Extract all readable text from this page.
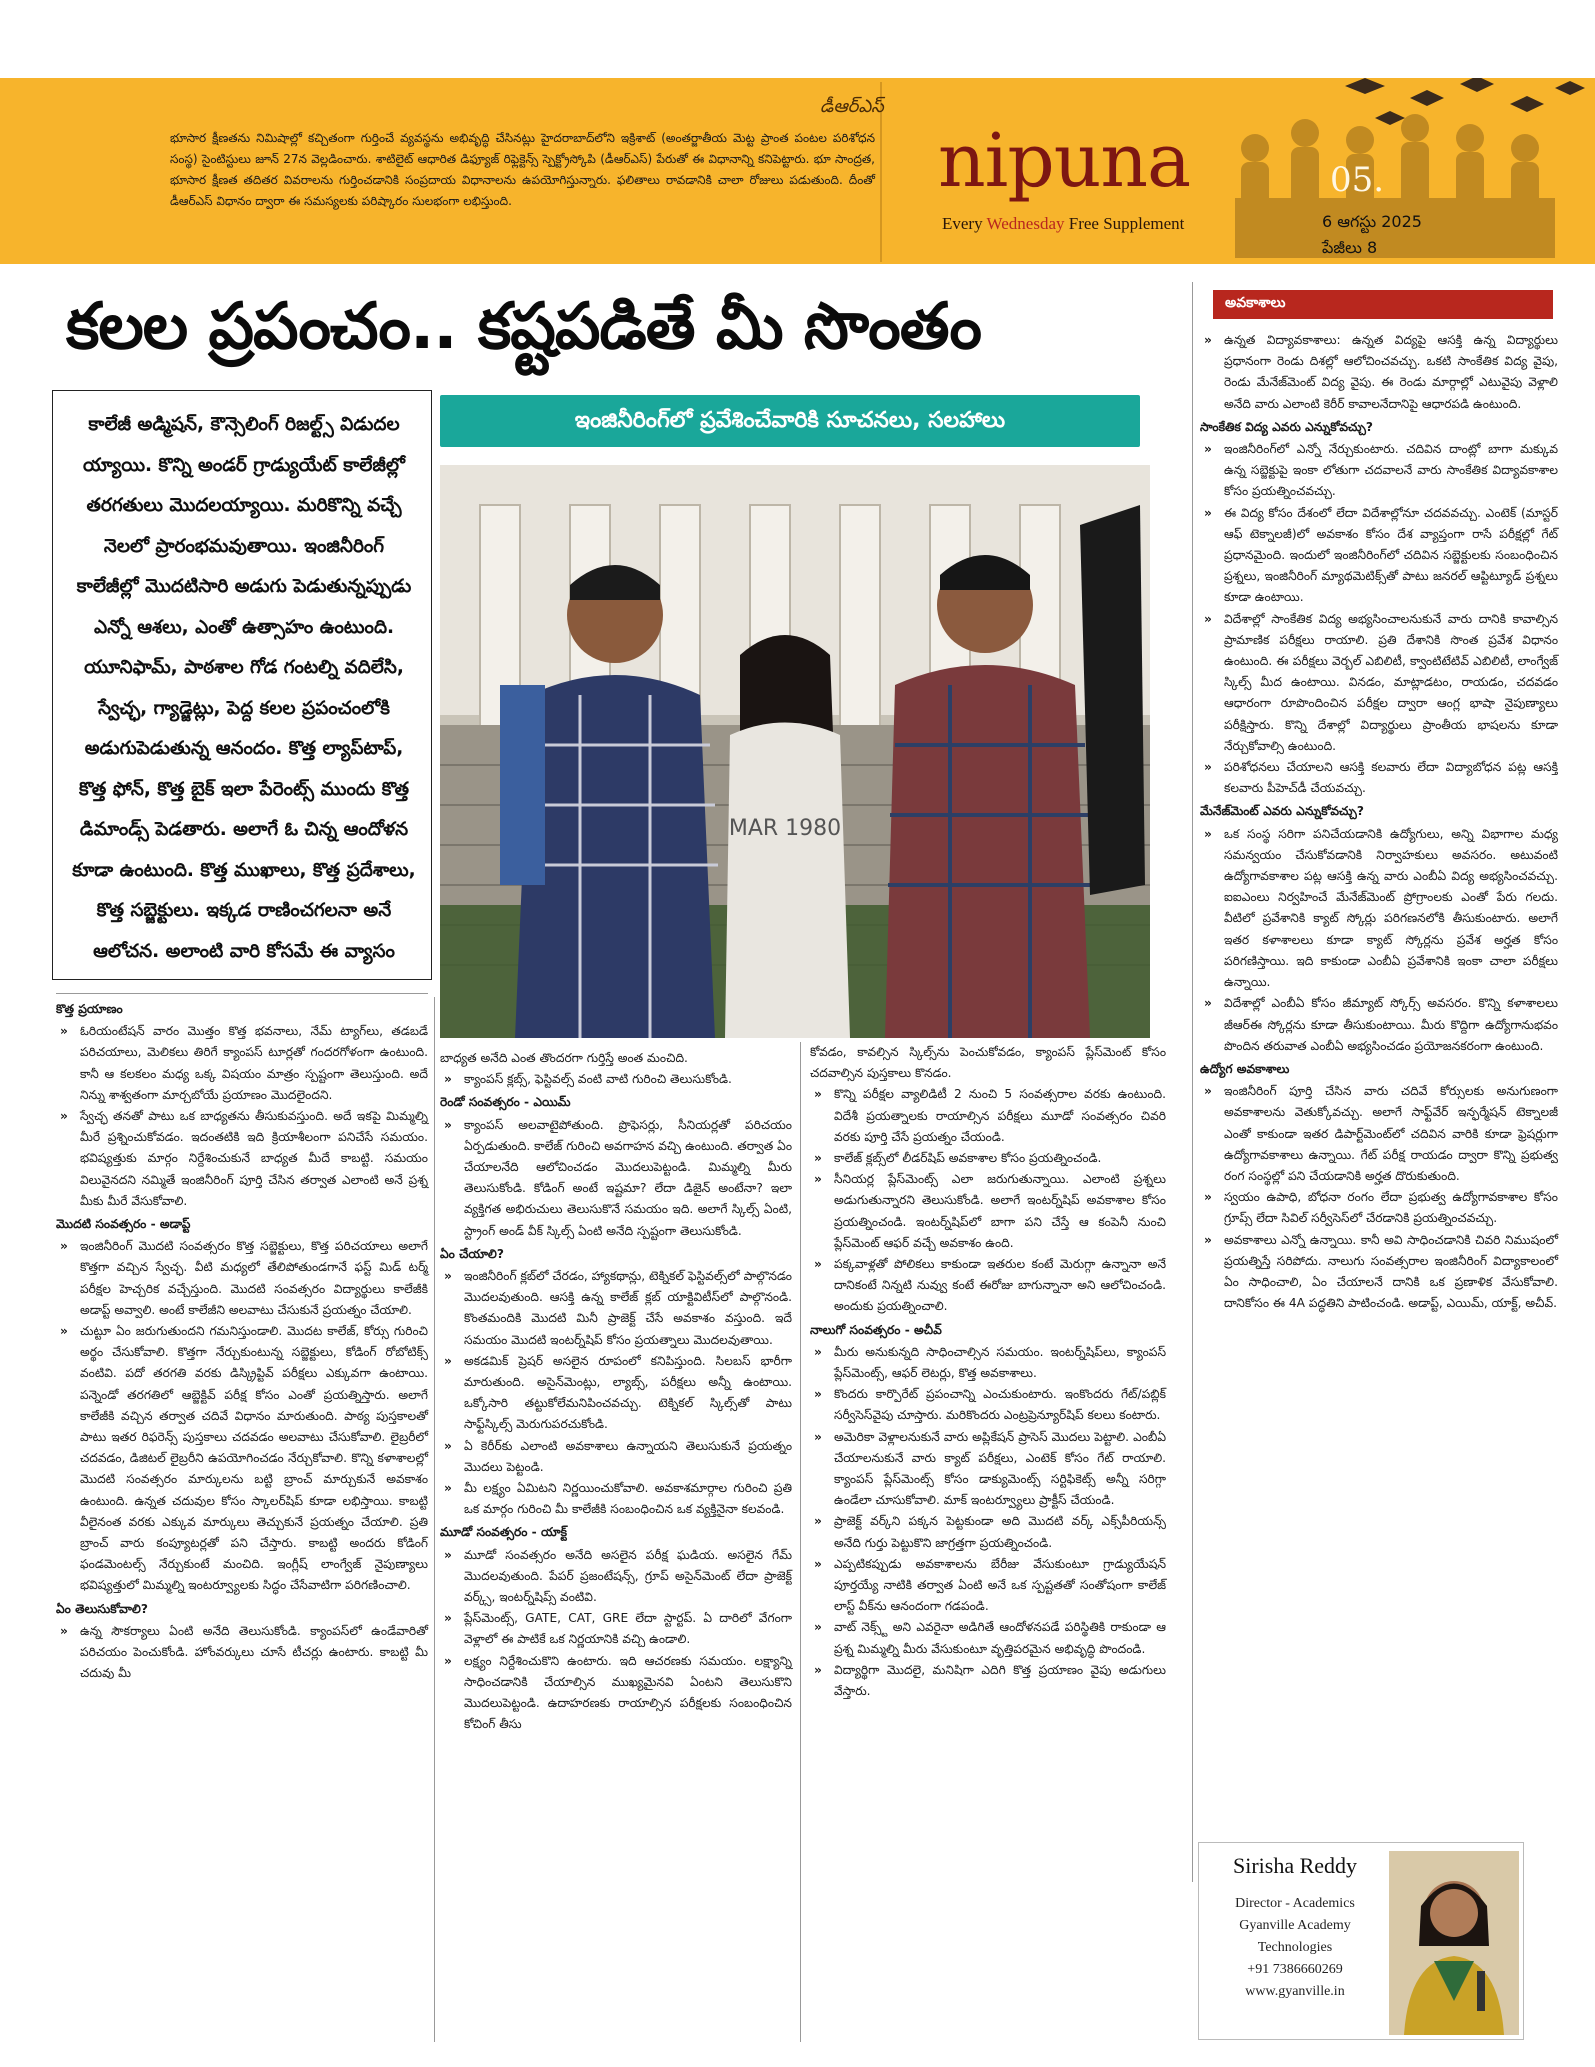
డీఆర్ఎస్
భూసార క్షీణతను నిమిషాల్లో కచ్చితంగా గుర్తించే వ్యవస్థను అభివృద్ధి చేసినట్లు హైదరాబాద్‌లోని ఇక్రిశాట్ (అంతర్జాతీయ మెట్ట ప్రాంత పంటల పరిశోధన సంస్థ) సైంటిస్టులు జూన్ 27న వెల్లడించారు. శాటిలైట్ ఆధారిత డిఫ్యూజ్ రిఫ్లెక్టెన్స్ స్పెక్ట్రోస్కోపి (డీఆర్ఎస్) పేరుతో ఈ విధానాన్ని కనిపెట్టారు. భూ సాంద్రత, భూసార క్షీణత తదితర వివరాలను గుర్తించడానికి సంప్రదాయ విధానాలను ఉపయోగిస్తున్నారు. ఫలితాలు రావడానికి చాలా రోజులు పడుతుంది. దీంతో డీఆర్ఎస్ విధానం ద్వారా ఈ సమస్యలకు పరిష్కారం సులభంగా లభిస్తుంది.	nipuna
Every Wednesday Free Supplement
05.
6 ఆగస్టు 2025
పేజీలు 8
కలల ప్రపంచం.. కష్టపడితే మీ సొంతం
కాలేజీ అడ్మిషన్, కౌన్సెలింగ్ రిజల్ట్స్ విడుదల య్యాయి. కొన్ని అండర్ గ్రాడ్యుయేట్ కాలేజీల్లో తరగతులు మొదలయ్యాయి. మరికొన్ని వచ్చే నెలలో ప్రారంభమవుతాయి. ఇంజినీరింగ్ కాలేజీల్లో మొదటిసారి అడుగు పెడుతున్నప్పుడు ఎన్నో ఆశలు, ఎంతో ఉత్సాహం ఉంటుంది. యూనిఫామ్, పాఠశాల గోడ గంటల్ని వదిలేసి, స్వేచ్ఛ, గ్యాడ్జెట్లు, పెద్ద కలల ప్రపంచంలోకి అడుగుపెడుతున్న ఆనందం. కొత్త ల్యాప్‌టాప్, కొత్త ఫోన్, కొత్త బైక్ ఇలా పేరెంట్స్ ముందు కొత్త డిమాండ్స్ పెడతారు. అలాగే ఓ చిన్న ఆందోళన కూడా ఉంటుంది. కొత్త ముఖాలు, కొత్త ప్రదేశాలు, కొత్త సబ్జెక్టులు. ఇక్కడ రాణించగలనా అనే ఆలోచన. అలాంటి వారి కోసమే ఈ వ్యాసం
ఇంజినీరింగ్‌లో ప్రవేశించేవారికి సూచనలు, సలహాలు
MAR 1980
అవకాశాలు
» ఉన్నత విద్యావకాశాలు: ఉన్నత విద్యపై ఆసక్తి ఉన్న విద్యార్థులు ప్రధానంగా రెండు దిశల్లో ఆలోచించవచ్చు. ఒకటి సాంకేతిక విద్య వైపు, రెండు మేనేజ్‌మెంట్ విద్య వైపు. ఈ రెండు మార్గాల్లో ఎటువైపు వెళ్లాలి అనేది వారు ఎలాంటి కెరీర్ కావాలనేదానిపై ఆధారపడి ఉంటుంది.
సాంకేతిక విద్య ఎవరు ఎన్నుకోవచ్చు?
» ఇంజినీరింగ్‌లో ఎన్నో నేర్చుకుంటారు. చదివిన దాంట్లో బాగా మక్కువ ఉన్న సబ్జెక్టుపై ఇంకా లోతుగా చదవాలనే వారు సాంకేతిక విద్యావకాశాల కోసం ప్రయత్నించవచ్చు.
» ఈ విద్య కోసం దేశంలో లేదా విదేశాల్లోనూ చదవవచ్చు. ఎంటెక్ (మాస్టర్ ఆఫ్ టెక్నాలజీ)లో అవకాశం కోసం దేశ వ్యాప్తంగా రాసే పరీక్షల్లో గేట్ ప్రధానమైంది. ఇందులో ఇంజినీరింగ్‌లో చదివిన సబ్జెక్టులకు సంబంధించిన ప్రశ్నలు, ఇంజినీరింగ్ మ్యాథమెటిక్స్‌తో పాటు జనరల్ ఆప్టిట్యూడ్ ప్రశ్నలు కూడా ఉంటాయి.
» విదేశాల్లో సాంకేతిక విద్య అభ్యసించాలనుకునే వారు దానికి కావాల్సిన ప్రామాణిక పరీక్షలు రాయాలి. ప్రతి దేశానికి సొంత ప్రవేశ విధానం ఉంటుంది. ఈ పరీక్షలు వెర్బల్ ఎబిలిటీ, క్వాంటిటేటివ్ ఎబిలిటీ, లాంగ్వేజ్ స్కిల్స్ మీద ఉంటాయి. వినడం, మాట్లాడటం, రాయడం, చదవడం ఆధారంగా రూపొందించిన పరీక్షల ద్వారా ఆంగ్ల భాషా నైపుణ్యాలు పరీక్షిస్తారు. కొన్ని దేశాల్లో విద్యార్థులు ప్రాంతీయ భాషలను కూడా నేర్చుకోవాల్సి ఉంటుంది.
» పరిశోధనలు చేయాలని ఆసక్తి కలవారు లేదా విద్యాబోధన పట్ల ఆసక్తి కలవారు పీహెచ్‌డీ చేయవచ్చు.
మేనేజ్‌మెంట్ ఎవరు ఎన్నుకోవచ్చు?
» ఒక సంస్థ సరిగా పనిచేయడానికి ఉద్యోగులు, అన్ని విభాగాల మధ్య సమన్వయం చేసుకోవడానికి నిర్వాహకులు అవసరం. అటువంటి ఉద్యోగావకాశాల పట్ల ఆసక్తి ఉన్న వారు ఎంబీఏ విద్య అభ్యసించవచ్చు. ఐఐఎంలు నిర్వహించే మేనేజ్‌మెంట్ ప్రోగ్రాంలకు ఎంతో పేరు గలదు. వీటిలో ప్రవేశానికి క్యాట్ స్కోర్లు పరిగణనలోకి తీసుకుంటారు. అలాగే ఇతర కళాశాలలు కూడా క్యాట్ స్కోర్లను ప్రవేశ అర్హత కోసం పరిగణిస్తాయి. ఇది కాకుండా ఎంబీఏ ప్రవేశానికి ఇంకా చాలా పరీక్షలు ఉన్నాయి.
» విదేశాల్లో ఎంబీఏ కోసం జీమ్యాట్ స్కోర్స్ అవసరం. కొన్ని కళాశాలలు జీఆర్ఈ స్కోర్లను కూడా తీసుకుంటాయి. మీరు కొద్దిగా ఉద్యోగానుభవం పొందిన తరువాత ఎంబీఏ అభ్యసించడం ప్రయోజనకరంగా ఉంటుంది.
ఉద్యోగ అవకాశాలు
» ఇంజినీరింగ్ పూర్తి చేసిన వారు చదివే కోర్సులకు అనుగుణంగా అవకాశాలను వెతుక్కోవచ్చు. అలాగే సాఫ్ట్‌వేర్ ఇన్ఫర్మేషన్ టెక్నాలజీ ఎంతో కాకుండా ఇతర డిపార్ట్‌మెంట్‌లో చదివిన వారికి కూడా ఫ్రెషర్లుగా ఉద్యోగావకాశాలు ఉన్నాయి. గేట్ పరీక్ష రాయడం ద్వారా కొన్ని ప్రభుత్వ రంగ సంస్థల్లో పని చేయడానికి అర్హత దొరుకుతుంది.
» స్వయం ఉపాధి, బోధనా రంగం లేదా ప్రభుత్వ ఉద్యోగావకాశాల కోసం గ్రూప్స్ లేదా సివిల్ సర్వీసెస్‌లో చేరడానికి ప్రయత్నించవచ్చు.
» అవకాశాలు ఎన్నో ఉన్నాయి. కానీ అవి సాధించడానికి చివరి నిముషంలో ప్రయత్నిస్తే సరిపోదు. నాలుగు సంవత్సరాల ఇంజినీరింగ్ విద్యాకాలంలో ఏం సాధించాలి, ఏం చేయాలనే దానికి ఒక ప్రణాళిక వేసుకోవాలి. దానికోసం ఈ 4A పద్ధతిని పాటించండి. అడాప్ట్, ఎయిమ్, యాక్ట్, అచీవ్.
కొత్త ప్రయాణం
» ఓరియంటేషన్ వారం మొత్తం కొత్త భవనాలు, నేమ్ ట్యాగ్‌లు, తడబడే పరిచయాలు, మెలికలు తిరిగే క్యాంపస్ టూర్లతో గందరగోళంగా ఉంటుంది. కానీ ఆ కలకలం మధ్య ఒక్క విషయం మాత్రం స్పష్టంగా తెలుస్తుంది. అదే నిన్ను శాశ్వతంగా మార్చబోయే ప్రయాణం మొదలైందని.
» స్వేచ్ఛ తనతో పాటు ఒక బాధ్యతను తీసుకువస్తుంది. అదే ఇకపై మిమ్మల్ని మీరే ప్రశ్నించుకోవడం. ఇదంతటికి ఇది క్రియాశీలంగా పనిచేసే సమయం. భవిష్యత్తుకు మార్గం నిర్దేశించుకునే బాధ్యత మీదే కాబట్టి. సమయం విలువైనదని నమ్మితే ఇంజినీరింగ్ పూర్తి చేసిన తర్వాత ఎలాంటి అనే ప్రశ్న మీకు మీరే వేసుకోవాలి.
మొదటి సంవత్సరం - అడాప్ట్
» ఇంజినీరింగ్ మొదటి సంవత్సరం కొత్త సబ్జెక్టులు, కొత్త పరిచయాలు అలాగే కొత్తగా వచ్చిన స్వేచ్ఛ. వీటి మధ్యలో తేలిపోతుండగానే ఫస్ట్ మిడ్ టర్మ్ పరీక్షల హెచ్చరిక వచ్చేస్తుంది. మొదటి సంవత్సరం విద్యార్థులు కాలేజీకి అడాప్ట్ అవ్వాలి. అంటే కాలేజీని అలవాటు చేసుకునే ప్రయత్నం చేయాలి.
» చుట్టూ ఏం జరుగుతుందని గమనిస్తుండాలి. మొదట కాలేజ్, కోర్సు గురించి అర్థం చేసుకోవాలి. కొత్తగా నేర్చుకుంటున్న సబ్జెక్టులు, కోడింగ్ రోబోటిక్స్ వంటివి. పదో తరగతి వరకు డిస్క్రిప్టివ్ పరీక్షలు ఎక్కువగా ఉంటాయి. పన్నెండో తరగతిలో ఆబ్జెక్టివ్ పరీక్ష కోసం ఎంతో ప్రయత్నిస్తారు. అలాగే కాలేజీకి వచ్చిన తర్వాత చదివే విధానం మారుతుంది. పాఠ్య పుస్తకాలతో పాటు ఇతర రిఫరెన్స్ పుస్తకాలు చదవడం అలవాటు చేసుకోవాలి. లైబ్రరీలో చదవడం, డిజిటల్ లైబ్రరీని ఉపయోగించడం నేర్చుకోవాలి. కొన్ని కళాశాలల్లో మొదటి సంవత్సరం మార్కులను బట్టి బ్రాంచ్ మార్చుకునే అవకాశం ఉంటుంది. ఉన్నత చదువుల కోసం స్కాలర్‌షిప్ కూడా లభిస్తాయి. కాబట్టి వీలైనంత వరకు ఎక్కువ మార్కులు తెచ్చుకునే ప్రయత్నం చేయాలి. ప్రతి బ్రాంచ్ వారు కంప్యూటర్లతో పని చేస్తారు. కాబట్టి అందరు కోడింగ్ ఫండమెంటల్స్ నేర్చుకుంటే మంచిది. ఇంగ్లీష్ లాంగ్వేజ్ నైపుణ్యాలు భవిష్యత్తులో మిమ్మల్ని ఇంటర్వ్యూలకు సిద్ధం చేసేవాటిగా పరిగణించాలి.
ఏం తెలుసుకోవాలి?
» ఉన్న సౌకర్యాలు ఏంటి అనేది తెలుసుకోండి. క్యాంపస్‌లో ఉండేవారితో పరిచయం పెంచుకోండి. హోంవర్కులు చూసే టీచర్లు ఉంటారు. కాబట్టి మీ చదువు మీ
బాధ్యత అనేది ఎంత తొందరగా గుర్తిస్తే అంత మంచిది.
» క్యాంపస్ క్లబ్స్, ఫెస్టివల్స్ వంటి వాటి గురించి తెలుసుకోండి.
రెండో సంవత్సరం - ఎయిమ్
» క్యాంపస్ అలవాటైపోతుంది. ప్రొఫెసర్లు, సీనియర్లతో పరిచయం ఏర్పడుతుంది. కాలేజ్ గురించి అవగాహన వచ్చి ఉంటుంది. తర్వాత ఏం చేయాలనేది ఆలోచించడం మొదలుపెట్టండి. మిమ్మల్ని మీరు తెలుసుకోండి. కోడింగ్ అంటే ఇష్టమా? లేదా డిజైన్ అంటేనా? ఇలా వ్యక్తిగత అభిరుచులు తెలుసుకొనే సమయం ఇది. అలాగే స్కిల్స్ ఏంటి, స్ట్రాంగ్ అండ్ వీక్ స్కిల్స్ ఏంటి అనేది స్పష్టంగా తెలుసుకోండి.
ఏం చేయాలి?
» ఇంజినీరింగ్ క్లబ్‌లో చేరడం, హ్యాకథాన్లు, టెక్నికల్ ఫెస్టివల్స్‌లో పాల్గొనడం మొదలవుతుంది. ఆసక్తి ఉన్న కాలేజ్ క్లబ్ యాక్టివిటీస్‌లో పాల్గొనండి. కొంతమందికి మొదటి మినీ ప్రాజెక్ట్ చేసే అవకాశం వస్తుంది. ఇదే సమయం మొదటి ఇంటర్న్‌షిప్ కోసం ప్రయత్నాలు మొదలవుతాయి.
» అకడమిక్ ప్రెషర్ అసలైన రూపంలో కనిపిస్తుంది. సిలబస్ భారీగా మారుతుంది. అసైన్‌మెంట్లు, ల్యాబ్స్, పరీక్షలు అన్నీ ఉంటాయి. ఒక్కోసారి తట్టుకోలేమనిపించవచ్చు. టెక్నికల్ స్కిల్స్‌తో పాటు సాఫ్ట్‌స్కిల్స్ మెరుగుపరచుకోండి.
» ఏ కెరీర్‌కు ఎలాంటి అవకాశాలు ఉన్నాయని తెలుసుకునే ప్రయత్నం మొదలు పెట్టండి.
» మీ లక్ష్యం ఏమిటని నిర్ణయించుకోవాలి. అవకాశమార్గాల గురించి ప్రతి ఒక మార్గం గురించి మీ కాలేజీకి సంబంధించిన ఒక వ్యక్తినైనా కలవండి.
మూడో సంవత్సరం - యాక్ట్
» మూడో సంవత్సరం అనేది అసలైన పరీక్ష ఘడియ. అసలైన గేమ్ మొదలవుతుంది. పేపర్ ప్రజంటేషన్స్, గ్రూప్ అసైన్‌మెంట్ లేదా ప్రాజెక్ట్ వర్క్స్, ఇంటర్న్‌షిప్స్ వంటివి.
» ప్లేస్‌మెంట్స్, GATE, CAT, GRE లేదా స్టార్టప్. ఏ దారిలో వేగంగా వెళ్లాలో ఈ పాటికే ఒక నిర్ణయానికి వచ్చి ఉండాలి.
» లక్ష్యం నిర్దేశించుకొని ఉంటారు. ఇది ఆచరణకు సమయం. లక్ష్యాన్ని సాధించడానికి చేయాల్సిన ముఖ్యమైనవి ఏంటని తెలుసుకొని మొదలుపెట్టండి. ఉదాహరణకు రాయాల్సిన పరీక్షలకు సంబంధించిన కోచింగ్ తీసు
కోవడం, కావల్సిన స్కిల్స్‌ను పెంచుకోవడం, క్యాంపస్ ప్లేస్‌మెంట్ కోసం చదవాల్సిన పుస్తకాలు కొనడం.
» కొన్ని పరీక్షల వ్యాలిడిటీ 2 నుంచి 5 సంవత్సరాల వరకు ఉంటుంది. విదేశీ ప్రయత్నాలకు రాయాల్సిన పరీక్షలు మూడో సంవత్సరం చివరి వరకు పూర్తి చేసే ప్రయత్నం చేయండి.
» కాలేజ్ క్లబ్స్‌లో లీడర్‌షిప్ అవకాశాల కోసం ప్రయత్నించండి.
» సీనియర్ల ప్లేస్‌మెంట్స్ ఎలా జరుగుతున్నాయి. ఎలాంటి ప్రశ్నలు అడుగుతున్నారని తెలుసుకోండి. అలాగే ఇంటర్న్‌షిప్ అవకాశాల కోసం ప్రయత్నించండి. ఇంటర్న్‌షిప్‌లో బాగా పని చేస్తే ఆ కంపెనీ నుంచి ప్లేస్‌మెంట్ ఆఫర్ వచ్చే అవకాశం ఉంది.
» పక్కవాళ్లతో పోలికలు కాకుండా ఇతరుల కంటే మెరుగ్గా ఉన్నానా అనే దానికంటే నిన్నటి నువ్వు కంటే ఈరోజు బాగున్నానా అని ఆలోచించండి. అందుకు ప్రయత్నించాలి.
నాలుగో సంవత్సరం - అచీవ్
» మీరు అనుకున్నది సాధించాల్సిన సమయం. ఇంటర్న్‌షిప్‌లు, క్యాంపస్ ప్లేస్‌మెంట్స్, ఆఫర్ లెటర్లు, కొత్త అవకాశాలు.
» కొందరు కార్పొరేట్ ప్రపంచాన్ని ఎంచుకుంటారు. ఇంకొందరు గేట్/పబ్లిక్ సర్వీసెస్‌వైపు చూస్తారు. మరికొందరు ఎంట్రప్రెన్యూర్‌షిప్ కలలు కంటారు.
» అమెరికా వెళ్లాలనుకునే వారు అప్లికేషన్ ప్రాసెస్ మొదలు పెట్టాలి. ఎంబీఏ చేయాలనుకునే వారు క్యాట్ పరీక్షలు, ఎంటెక్ కోసం గేట్ రాయాలి. క్యాంపస్ ప్లేస్‌మెంట్స్ కోసం డాక్యుమెంట్స్ సర్టిఫికెట్స్ అన్నీ సరిగ్గా ఉండేలా చూసుకోవాలి. మాక్ ఇంటర్వ్యూలు ప్రాక్టీస్ చేయండి.
» ప్రాజెక్ట్ వర్క్‌ని పక్కన పెట్టకుండా అది మొదటి వర్క్ ఎక్స్‌పీరియన్స్ అనేది గుర్తు పెట్టుకొని జాగ్రత్తగా ప్రయత్నించండి.
» ఎప్పటికప్పుడు అవకాశాలను బేరీజు వేసుకుంటూ గ్రాడ్యుయేషన్ పూర్తయ్యే నాటికి తర్వాత ఏంటి అనే ఒక స్పష్టతతో సంతోషంగా కాలేజ్ లాస్ట్ వీక్‌ను ఆనందంగా గడపండి.
» వాట్ నెక్స్ట్ అని ఎవరైనా అడిగితే ఆందోళనపడే పరిస్థితికి రాకుండా ఆ ప్రశ్న మిమ్మల్ని మీరు వేసుకుంటూ వృత్తిపరమైన అభివృద్ధి పొందండి.
» విద్యార్థిగా మొదలై, మనిషిగా ఎదిగి కొత్త ప్రయాణం వైపు అడుగులు వేస్తారు.
Sirisha Reddy
Director - Academics
Gyanville Academy
Technologies
+91 7386660269
www.gyanville.in
